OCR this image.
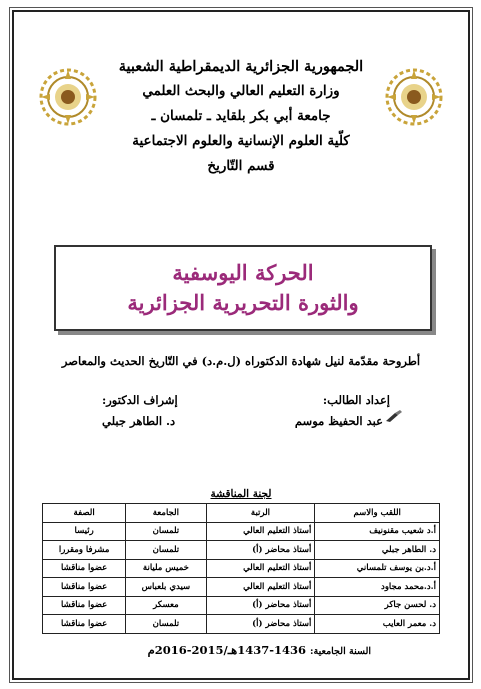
الجمهورية الجزائرية الديمقراطية الشعبية
وزارة التعليم العالي والبحث العلمي
جامعة أبي بكر بلقايد ـ تلمسان ـ
كلّية العلوم الإنسانية والعلوم الاجتماعية
قسم التّاريخ
الحركة اليوسفية
والثورة التحريرية الجزائرية
أطروحة مقدّمة لنيل شهادة الدكتوراه (ل.م.د) في التّاريخ الحديث والمعاصر
إعداد الطالب:
عبد الحفيظ موسم
إشراف الدكتور:
د. الطاهر جبلي
لجنة المناقشة
اللقب والاسم	الرتبة	الجامعة	الصفة
أ.د شعيب مقنونيف	أستاذ التعليم العالي	تلمسان	رئيسا
د. الطاهر جبلي	أستاذ محاضر (أ)	تلمسان	مشرفا ومقررا
أ.د.بن يوسف تلمساني	أستاذ التعليم العالي	خميس مليانة	عضوا مناقشا
أ.د.محمد مجاود	أستاذ التعليم العالي	سيدي بلعباس	عضوا مناقشا
د. لحسن جاكر	أستاذ محاضر (أ)	معسكر	عضوا مناقشا
د. معمر العايب	أستاذ محاضر (أ)	تلمسان	عضوا مناقشا
السنة الجامعية: 1436-1437هـ/2015-2016م
